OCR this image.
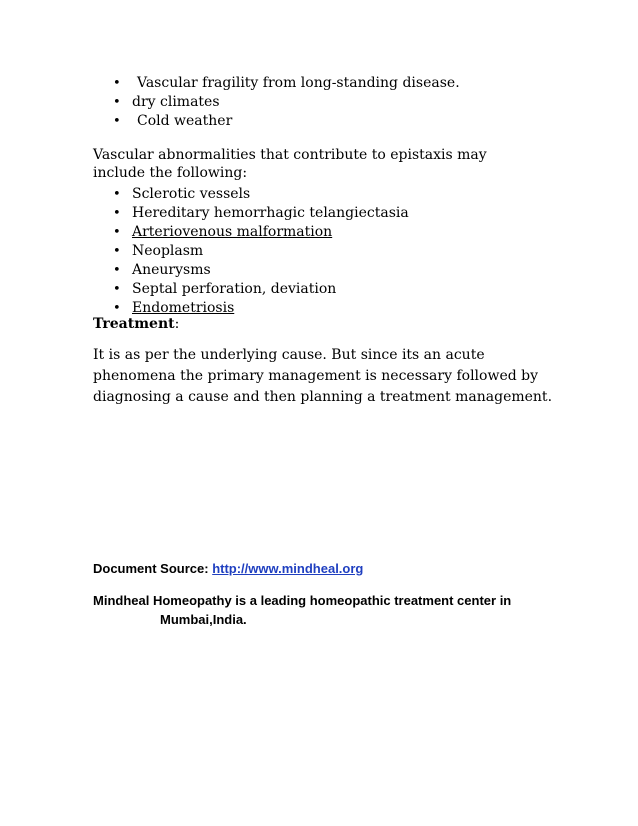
• Vascular fragility from long-standing disease.
• dry climates
• Cold weather
Vascular abnormalities that contribute to epistaxis may include the following:
• Sclerotic vessels
• Hereditary hemorrhagic telangiectasia
• Arteriovenous malformation
• Neoplasm
• Aneurysms
• Septal perforation, deviation
• Endometriosis
Treatment:
It is as per the underlying cause. But since its an acute phenomena the primary management is necessary followed by diagnosing a cause and then planning a treatment management.
Document Source: http://www.mindheal.org
Mindheal Homeopathy is a leading homeopathic treatment center in
Mumbai,India.
